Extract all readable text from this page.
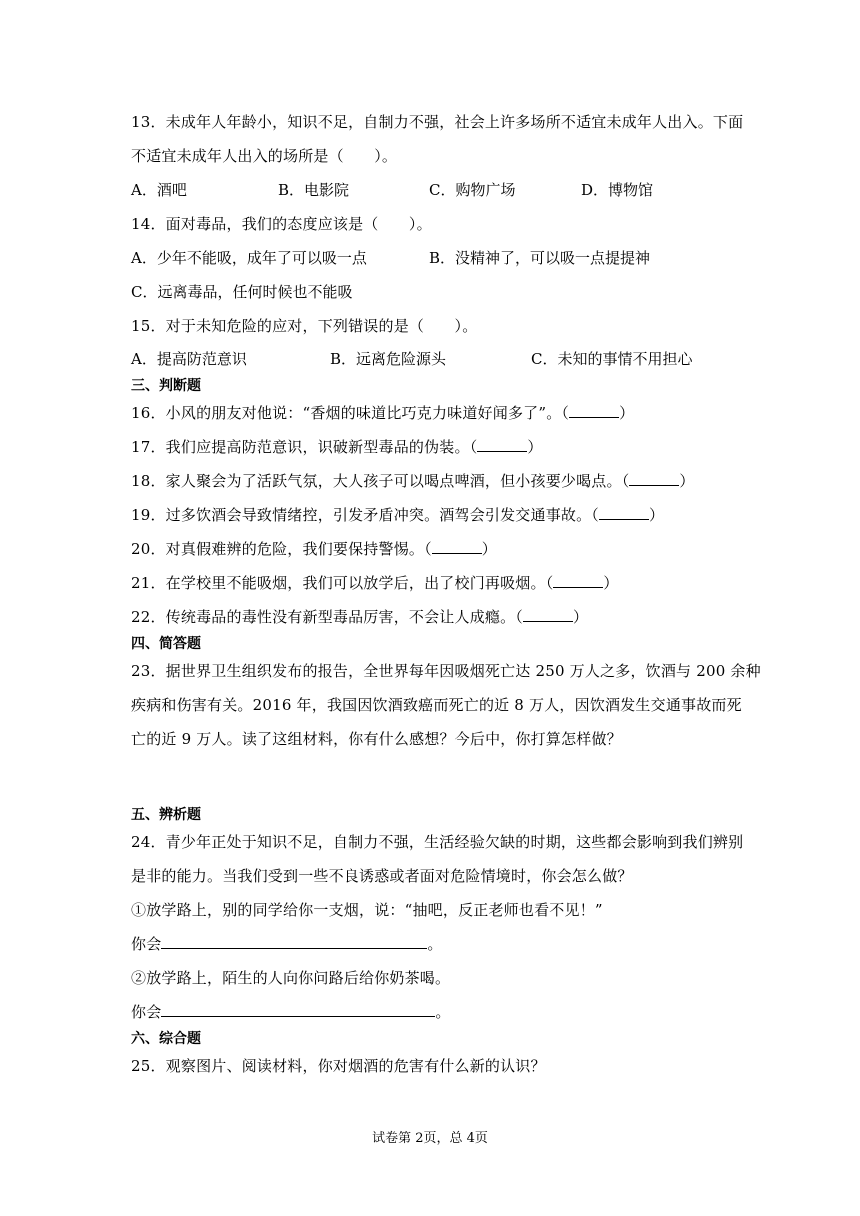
13．未成年人年龄小，知识不足，自制力不强，社会上许多场所不适宜未成年人出入。下面
不适宜未成年人出入的场所是（　　）。
A．酒吧	B．电影院	C．购物广场	D．博物馆
14．面对毒品，我们的态度应该是（　　）。
A．少年不能吸，成年了可以吸一点	B．没精神了，可以吸一点提提神
C．远离毒品，任何时候也不能吸
15．对于未知危险的应对，下列错误的是（　　）。
A．提高防范意识	B．远离危险源头	C．未知的事情不用担心
三、判断题
16．小风的朋友对他说：“香烟的味道比巧克力味道好闻多了”。（	）
17．我们应提高防范意识，识破新型毒品的伪装。（	）
18．家人聚会为了活跃气氛，大人孩子可以喝点啤酒，但小孩要少喝点。（	）
19．过多饮酒会导致情绪控，引发矛盾冲突。酒驾会引发交通事故。（	）
20．对真假难辨的危险，我们要保持警惕。（	）
21．在学校里不能吸烟，我们可以放学后，出了校门再吸烟。（	）
22．传统毒品的毒性没有新型毒品厉害，不会让人成瘾。（	）
四、简答题
23．据世界卫生组织发布的报告，全世界每年因吸烟死亡达 250 万人之多，饮酒与 200 余种
疾病和伤害有关。2016 年，我国因饮酒致癌而死亡的近 8 万人，因饮酒发生交通事故而死
亡的近 9 万人。读了这组材料，你有什么感想？今后中，你打算怎样做？
五、辨析题
24．青少年正处于知识不足，自制力不强，生活经验欠缺的时期，这些都会影响到我们辨别
是非的能力。当我们受到一些不良诱惑或者面对危险情境时，你会怎么做？
①放学路上，别的同学给你一支烟，说：“抽吧，反正老师也看不见！”
你会	。
②放学路上，陌生的人向你问路后给你奶茶喝。
你会	。
六、综合题
25．观察图片、阅读材料，你对烟酒的危害有什么新的认识？
试卷第 2页，总 4页
